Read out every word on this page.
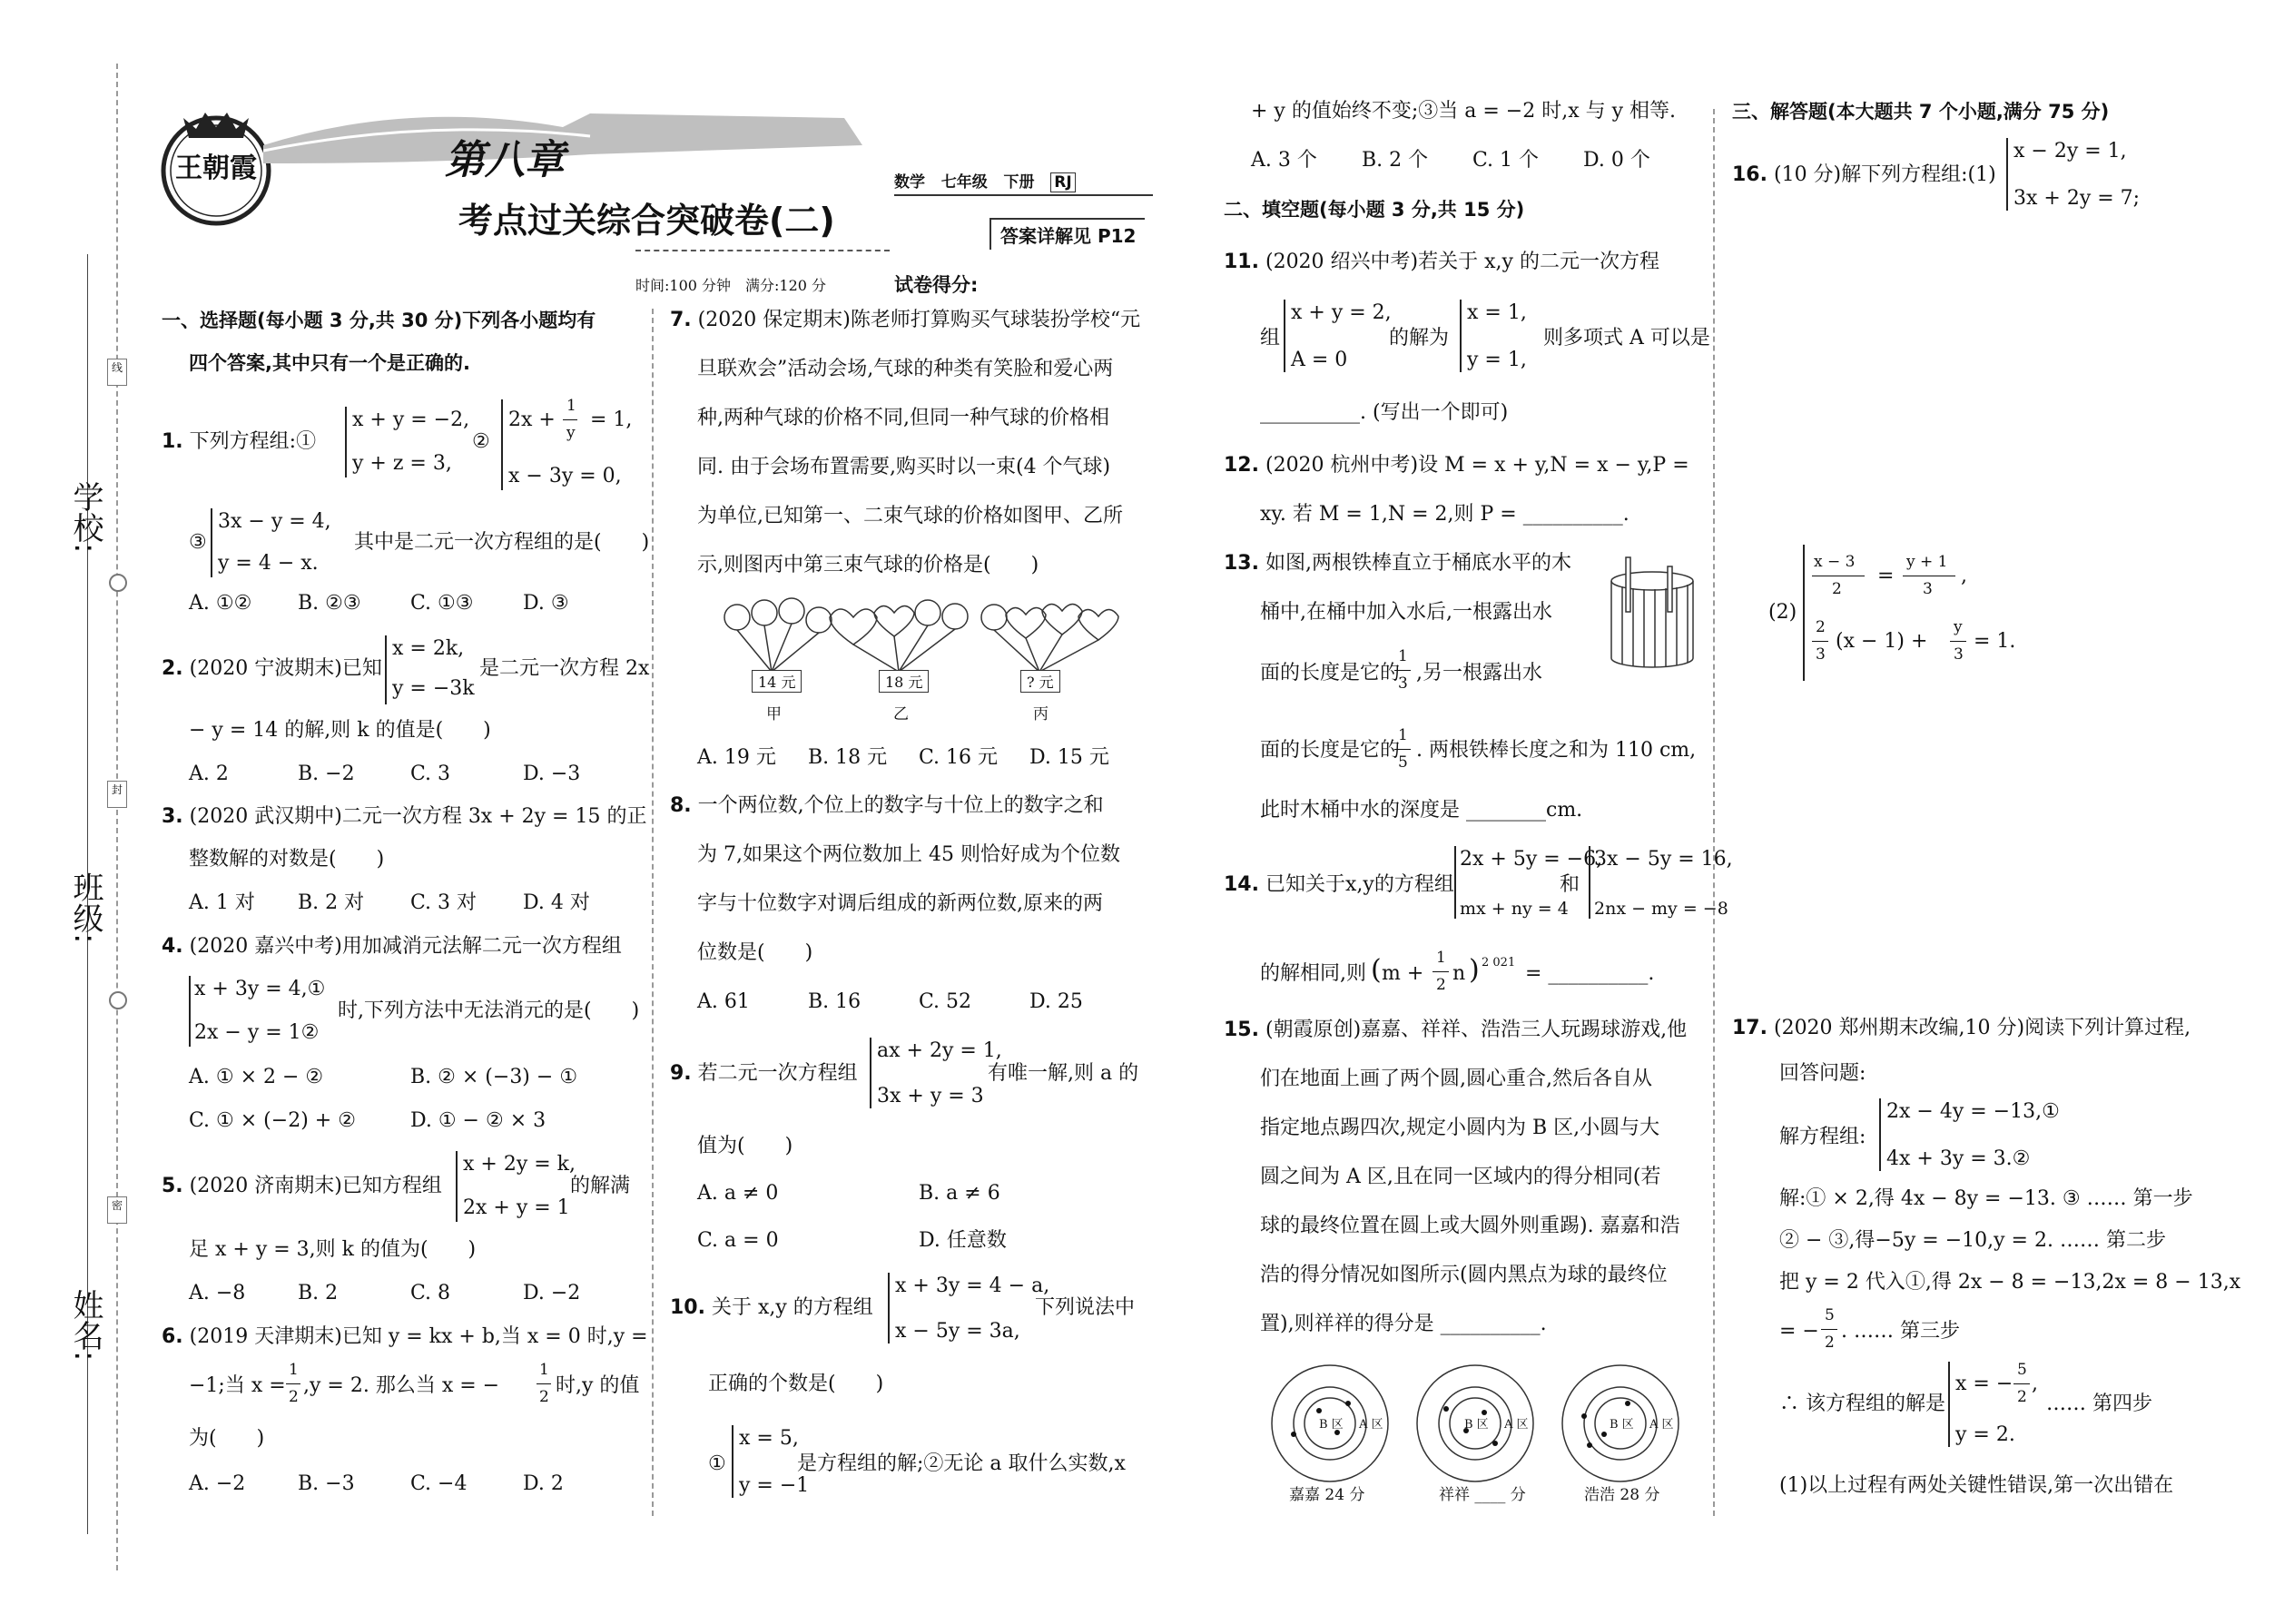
学校:
班级:
姓名:
线
封
密
王朝霞	第八章
考点过关综合突破卷(二)
数学 七年级 下册 RJ
答案详解见 P12
时间:100 分钟　满分:120 分	试卷得分:
一、选择题(每小题 3 分,共 30 分)下列各小题均有
四个答案,其中只有一个是正确的.
1. 下列方程组:①
x + y = −2,
y + z = 3,
②
2x +
1
y
= 1,
x − 3y = 0,
③
3x − y = 4,
y = 4 − x.
其中是二元一次方程组的是(　　)
A. ①② B. ②③ C. ①③ D. ③
2. (2020 宁波期末)已知
x = 2k,
y = −3k
是二元一次方程 2x
− y = 14 的解,则 k 的值是(　　)
A. 2	B. −2	C. 3	D. −3
3. (2020 武汉期中)二元一次方程 3x + 2y = 15 的正
整数解的对数是(　　)
A. 1 对 B. 2 对 C. 3 对 D. 4 对
4. (2020 嘉兴中考)用加减消元法解二元一次方程组
x + 3y = 4,①
2x − y = 1②
时,下列方法中无法消元的是(　　)
A. ① × 2 − ②	B. ② × (−3) − ①
C. ① × (−2) + ②	D. ① − ② × 3
5. (2020 济南期末)已知方程组
x + 2y = k,
2x + y = 1
的解满
足 x + y = 3,则 k 的值为(　　)
A. −8	B. 2	C. 8	D. −2
6. (2019 天津期末)已知 y = kx + b,当 x = 0 时,y =
−1;当 x =
1
2 ,y = 2. 那么当 x = −
1
2 时,y 的值
为(　　)
A. −2	B. −3	C. −4	D. 2
7. (2020 保定期末)陈老师打算购买气球装扮学校“元
旦联欢会”活动会场,气球的种类有笑脸和爱心两
种,两种气球的价格不同,但同一种气球的价格相
同. 由于会场布置需要,购买时以一束(4 个气球)
为单位,已知第一、二束气球的价格如图甲、乙所
示,则图丙中第三束气球的价格是(　　)
14 元	18 元	? 元
甲	乙	丙
A. 19 元 B. 18 元 C. 16 元 D. 15 元
8. 一个两位数,个位上的数字与十位上的数字之和
为 7,如果这个两位数加上 45 则恰好成为个位数
字与十位数字对调后组成的新两位数,原来的两
位数是(　　)
A. 61	B. 16	C. 52	D. 25
9. 若二元一次方程组
ax + 2y = 1,
3x + y = 3
有唯一解,则 a 的
值为(　　)
A. a ≠ 0	B. a ≠ 6
C. a = 0	D. 任意数
10. 关于 x,y 的方程组
x + 3y = 4 − a,
x − 5y = 3a,
下列说法中
正确的个数是(　　)
①
x = 5,
y = −1
是方程组的解;②无论 a 取什么实数,x
+ y 的值始终不变;③当 a = −2 时,x 与 y 相等.
A. 3 个 B. 2 个 C. 1 个 D. 0 个
二、填空题(每小题 3 分,共 15 分)
11. (2020 绍兴中考)若关于 x,y 的二元一次方程
组
x + y = 2,
A = 0
的解为
x = 1,
y = 1,
则多项式 A 可以是
__________. (写出一个即可)
12. (2020 杭州中考)设 M = x + y,N = x − y,P =
xy. 若 M = 1,N = 2,则 P = __________.
13. 如图,两根铁棒直立于桶底水平的木
桶中,在桶中加入水后,一根露出水
面的长度是它的
1
3 ,另一根露出水
面的长度是它的
1
5
. 两根铁棒长度之和为 110 cm,
此时木桶中水的深度是 ________cm.
14. 已知关于x,y的方程组
2x + 5y = −6,
mx + ny = 4
和
3x − 5y = 16,
2nx − my = −8
的解相同,则 ( m +
1
2 n ) 2 021 = __________.
15. (朝霞原创)嘉嘉、祥祥、浩浩三人玩踢球游戏,他
们在地面上画了两个圆,圆心重合,然后各自从
指定地点踢四次,规定小圆内为 B 区,小圆与大
圆之间为 A 区,且在同一区域内的得分相同(若
球的最终位置在圆上或大圆外则重踢). 嘉嘉和浩
浩的得分情况如图所示(圆内黑点为球的最终位
置),则祥祥的得分是 __________.
B 区 A 区	B 区 A 区	B 区 A 区
嘉嘉 24 分	祥祥 ____ 分	浩浩 28 分
三、解答题(本大题共 7 个小题,满分 75 分)
16. (10 分)解下列方程组:(1)
x − 2y = 1,
3x + 2y = 7;
(2)
x − 3
2
=
y + 1
3
,
2
3
(x − 1) +
y
3
= 1.
17. (2020 郑州期末改编,10 分)阅读下列计算过程,
回答问题:
解方程组:
2x − 4y = −13,①
4x + 3y = 3.②
解:① × 2,得 4x − 8y = −13. ③ …… 第一步
② − ③,得−5y = −10,y = 2. …… 第二步
把 y = 2 代入①,得 2x − 8 = −13,2x = 8 − 13,x
= −
5
2 . …… 第三步
∴ 该方程组的解是
x = −
5
2
,
y = 2.
…… 第四步
(1)以上过程有两处关键性错误,第一次出错在
